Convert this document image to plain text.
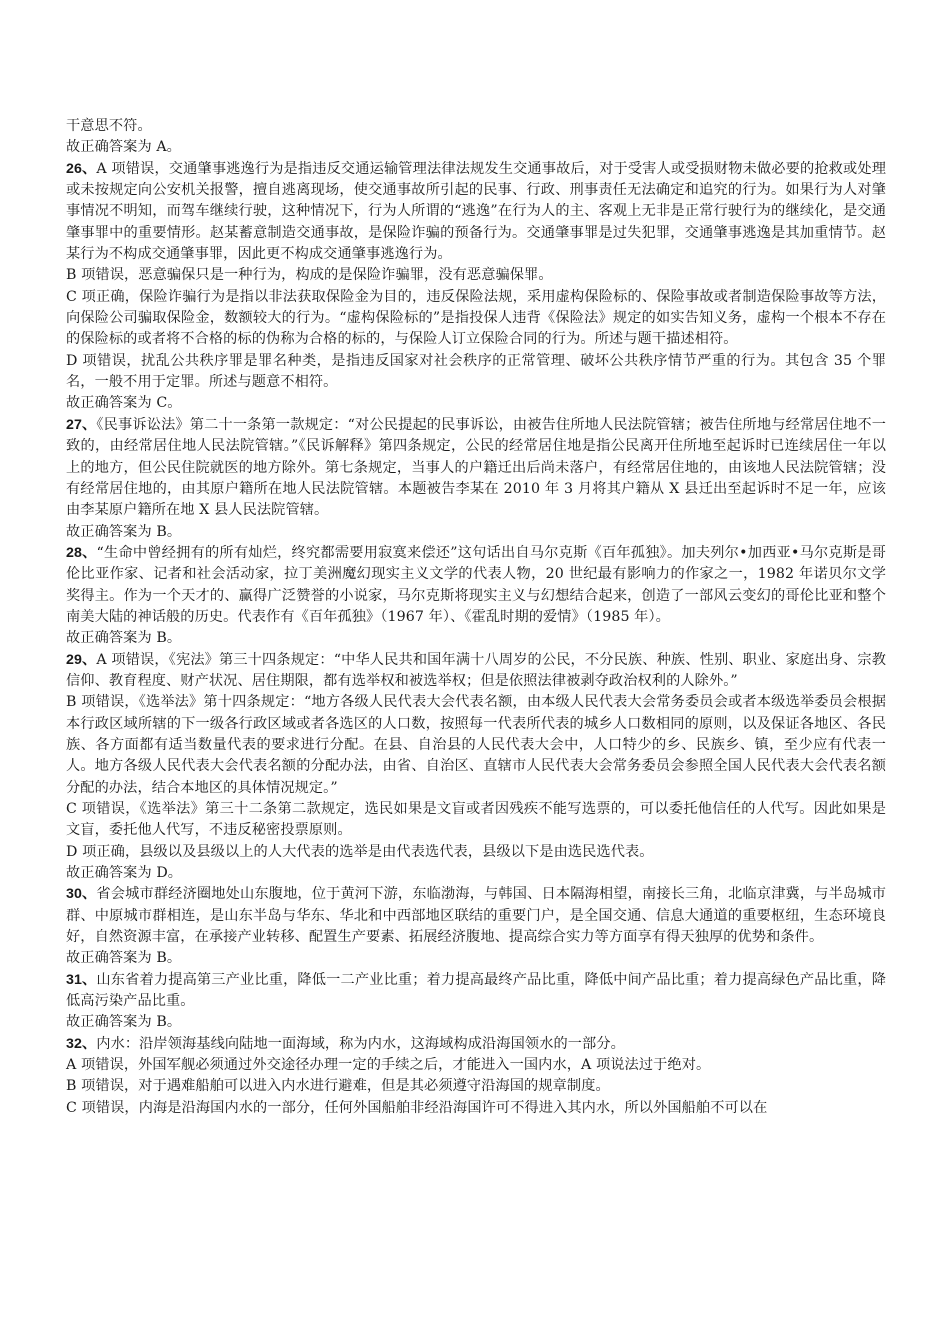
干意思不符。

故正确答案为 A。

26、A 项错误，交通肇事逃逸行为是指违反交通运输管理法律法规发生交通事故后，对于受害人或受损财物未做必要的抢救或处理或未按规定向公安机关报警，擅自逃离现场，使交通事故所引起的民事、行政、刑事责任无法确定和追究的行为。如果行为人对肇事情况不明知，而驾车继续行驶，这种情况下，行为人所谓的“逃逸”在行为人的主、客观上无非是正常行驶行为的继续化，是交通肇事罪中的重要情形。赵某蓄意制造交通事故，是保险诈骗的预备行为。交通肇事罪是过失犯罪，交通肇事逃逸是其加重情节。赵某行为不构成交通肇事罪，因此更不构成交通肇事逃逸行为。

B 项错误，恶意骗保只是一种行为，构成的是保险诈骗罪，没有恶意骗保罪。

C 项正确，保险诈骗行为是指以非法获取保险金为目的，违反保险法规，采用虚构保险标的、保险事故或者制造保险事故等方法，向保险公司骗取保险金，数额较大的行为。“虚构保险标的”是指投保人违背《保险法》规定的如实告知义务，虚构一个根本不存在的保险标的或者将不合格的标的伪称为合格的标的，与保险人订立保险合同的行为。所述与题干描述相符。

D 项错误，扰乱公共秩序罪是罪名种类，是指违反国家对社会秩序的正常管理、破坏公共秩序情节严重的行为。其包含 35 个罪名，一般不用于定罪。所述与题意不相符。

故正确答案为 C。

27、《民事诉讼法》第二十一条第一款规定：“对公民提起的民事诉讼，由被告住所地人民法院管辖；被告住所地与经常居住地不一致的，由经常居住地人民法院管辖。”《民诉解释》第四条规定，公民的经常居住地是指公民离开住所地至起诉时已连续居住一年以上的地方，但公民住院就医的地方除外。第七条规定，当事人的户籍迁出后尚未落户，有经常居住地的，由该地人民法院管辖；没有经常居住地的，由其原户籍所在地人民法院管辖。本题被告李某在 2010 年 3 月将其户籍从 X 县迁出至起诉时不足一年，应该由李某原户籍所在地 X 县人民法院管辖。

故正确答案为 B。

28、“生命中曾经拥有的所有灿烂，终究都需要用寂寞来偿还”这句话出自马尔克斯《百年孤独》。加夫列尔•加西亚•马尔克斯是哥伦比亚作家、记者和社会活动家，拉丁美洲魔幻现实主义文学的代表人物，20 世纪最有影响力的作家之一，1982 年诺贝尔文学奖得主。作为一个天才的、赢得广泛赞誉的小说家，马尔克斯将现实主义与幻想结合起来，创造了一部风云变幻的哥伦比亚和整个南美大陆的神话般的历史。代表作有《百年孤独》（1967 年）、《霍乱时期的爱情》（1985 年）。

故正确答案为 B。

29、A 项错误，《宪法》第三十四条规定：“中华人民共和国年满十八周岁的公民，不分民族、种族、性别、职业、家庭出身、宗教信仰、教育程度、财产状况、居住期限，都有选举权和被选举权；但是依照法律被剥夺政治权利的人除外。”

B 项错误，《选举法》第十四条规定：“地方各级人民代表大会代表名额，由本级人民代表大会常务委员会或者本级选举委员会根据本行政区域所辖的下一级各行政区域或者各选区的人口数，按照每一代表所代表的城乡人口数相同的原则，以及保证各地区、各民族、各方面都有适当数量代表的要求进行分配。在县、自治县的人民代表大会中，人口特少的乡、民族乡、镇，至少应有代表一人。地方各级人民代表大会代表名额的分配办法，由省、自治区、直辖市人民代表大会常务委员会参照全国人民代表大会代表名额分配的办法，结合本地区的具体情况规定。”

C 项错误，《选举法》第三十二条第二款规定，选民如果是文盲或者因残疾不能写选票的，可以委托他信任的人代写。因此如果是文盲，委托他人代写，不违反秘密投票原则。

D 项正确，县级以及县级以上的人大代表的选举是由代表选代表，县级以下是由选民选代表。

故正确答案为 D。

30、省会城市群经济圈地处山东腹地，位于黄河下游，东临渤海，与韩国、日本隔海相望，南接长三角，北临京津冀，与半岛城市群、中原城市群相连，是山东半岛与华东、华北和中西部地区联结的重要门户，是全国交通、信息大通道的重要枢纽，生态环境良好，自然资源丰富，在承接产业转移、配置生产要素、拓展经济腹地、提高综合实力等方面享有得天独厚的优势和条件。

故正确答案为 B。

31、山东省着力提高第三产业比重，降低一二产业比重；着力提高最终产品比重，降低中间产品比重；着力提高绿色产品比重，降低高污染产品比重。

故正确答案为 B。

32、内水：沿岸领海基线向陆地一面海域，称为内水，这海域构成沿海国领水的一部分。

A 项错误，外国军舰必须通过外交途径办理一定的手续之后，才能进入一国内水，A 项说法过于绝对。

B 项错误，对于遇难船舶可以进入内水进行避难，但是其必须遵守沿海国的规章制度。

C 项错误，内海是沿海国内水的一部分，任何外国船舶非经沿海国许可不得进入其内水，所以外国船舶不可以在
